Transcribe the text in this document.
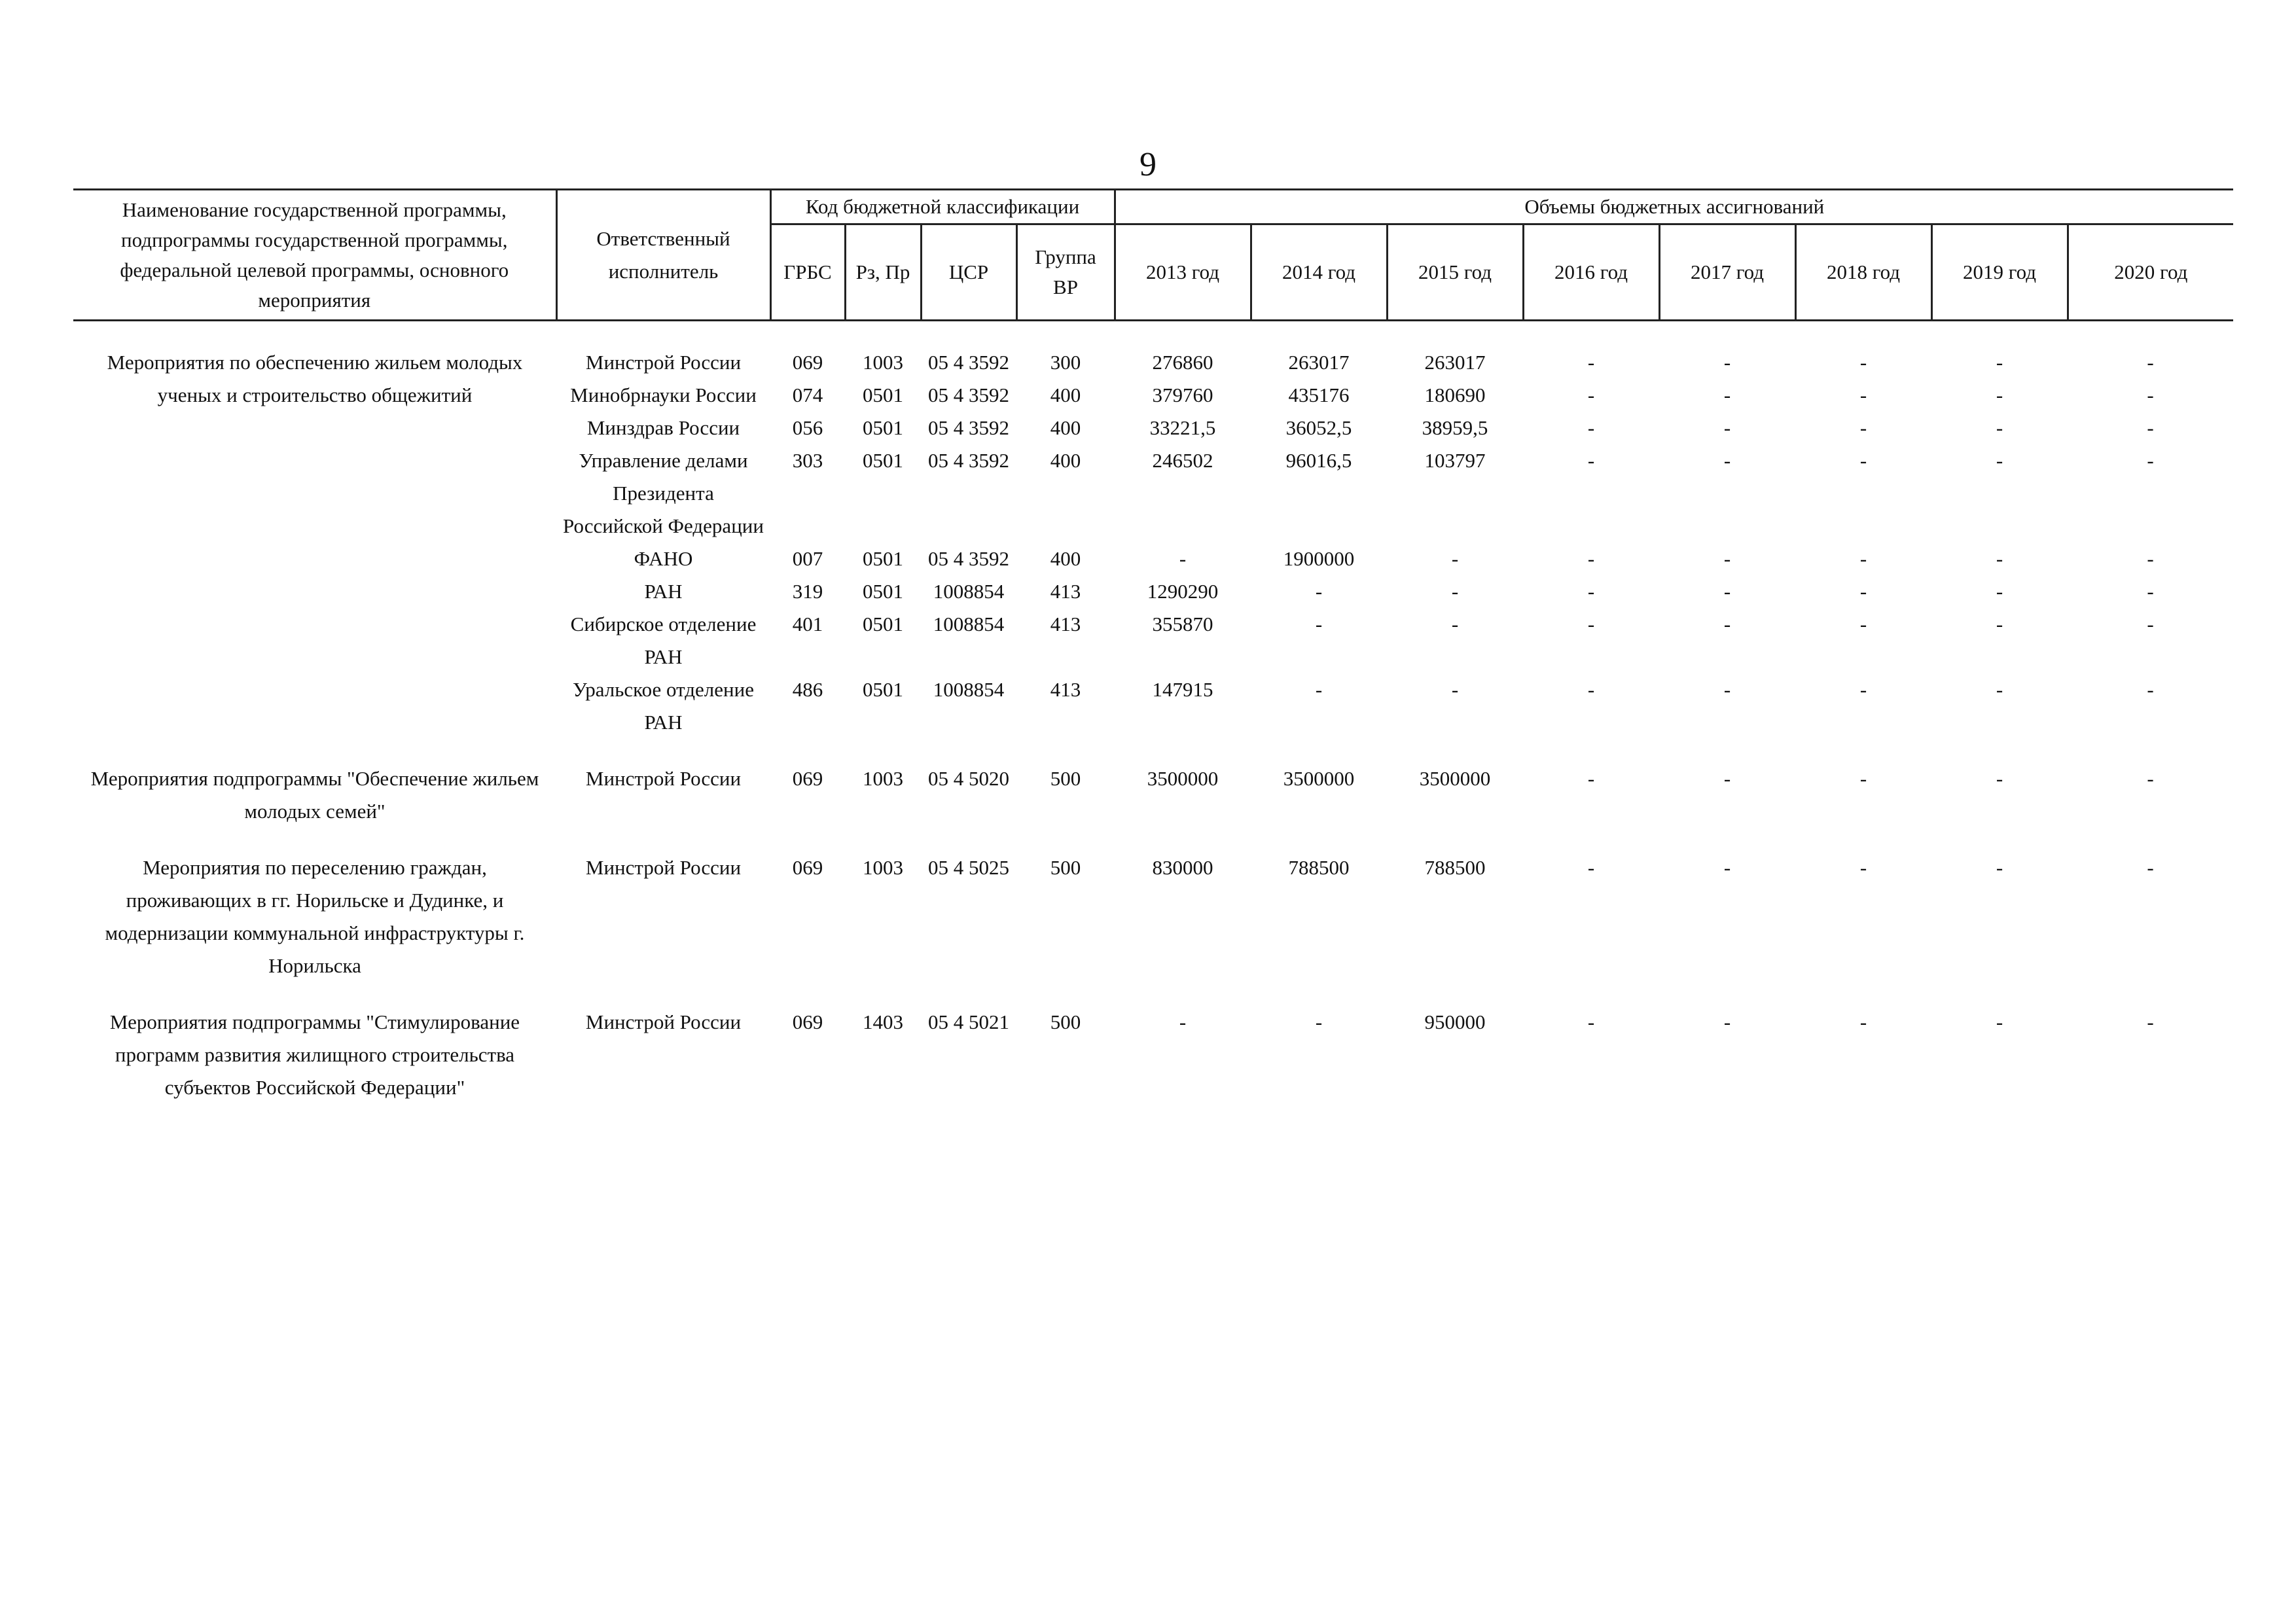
9
Наименование государственной программы, подпрограммы государственной программы, федеральной целевой программы, основного мероприятия	Ответственный исполнитель	Код бюджетной классификации				Объемы бюджетных ассигнований							
		ГРБС	Рз, Пр	ЦСР	Группа ВР	2013 год	2014 год	2015 год	2016 год	2017 год	2018 год	2019 год	2020 год

Мероприятия по обеспечению жильем молодых ученых и строительство общежитий	Минстрой России	069	1003	05 4 3592	300	276860	263017	263017	-	-	-	-	-
	Минобрнауки России	074	0501	05 4 3592	400	379760	435176	180690	-	-	-	-	-
	Минздрав России	056	0501	05 4 3592	400	33221,5	36052,5	38959,5	-	-	-	-	-
	Управление делами Президента Российской Федерации	303	0501	05 4 3592	400	246502	96016,5	103797	-	-	-	-	-
	ФАНО	007	0501	05 4 3592	400	-	1900000	-	-	-	-	-	-
	РАН	319	0501	1008854	413	1290290	-	-	-	-	-	-	-
	Сибирское отделение РАН	401	0501	1008854	413	355870	-	-	-	-	-	-	-
	Уральское отделение РАН	486	0501	1008854	413	147915	-	-	-	-	-	-	-
Мероприятия подпрограммы "Обеспечение жильем молодых семей"	Минстрой России	069	1003	05 4 5020	500	3500000	3500000	3500000	-	-	-	-	-
Мероприятия по переселению граждан, проживающих в гг. Норильске и Дудинке, и модернизации коммунальной инфраструктуры г. Норильска	Минстрой России	069	1003	05 4 5025	500	830000	788500	788500	-	-	-	-	-
Мероприятия подпрограммы "Стимулирование программ развития жилищного строительства субъектов Российской Федерации"	Минстрой России	069	1403	05 4 5021	500	-	-	950000	-	-	-	-	-
